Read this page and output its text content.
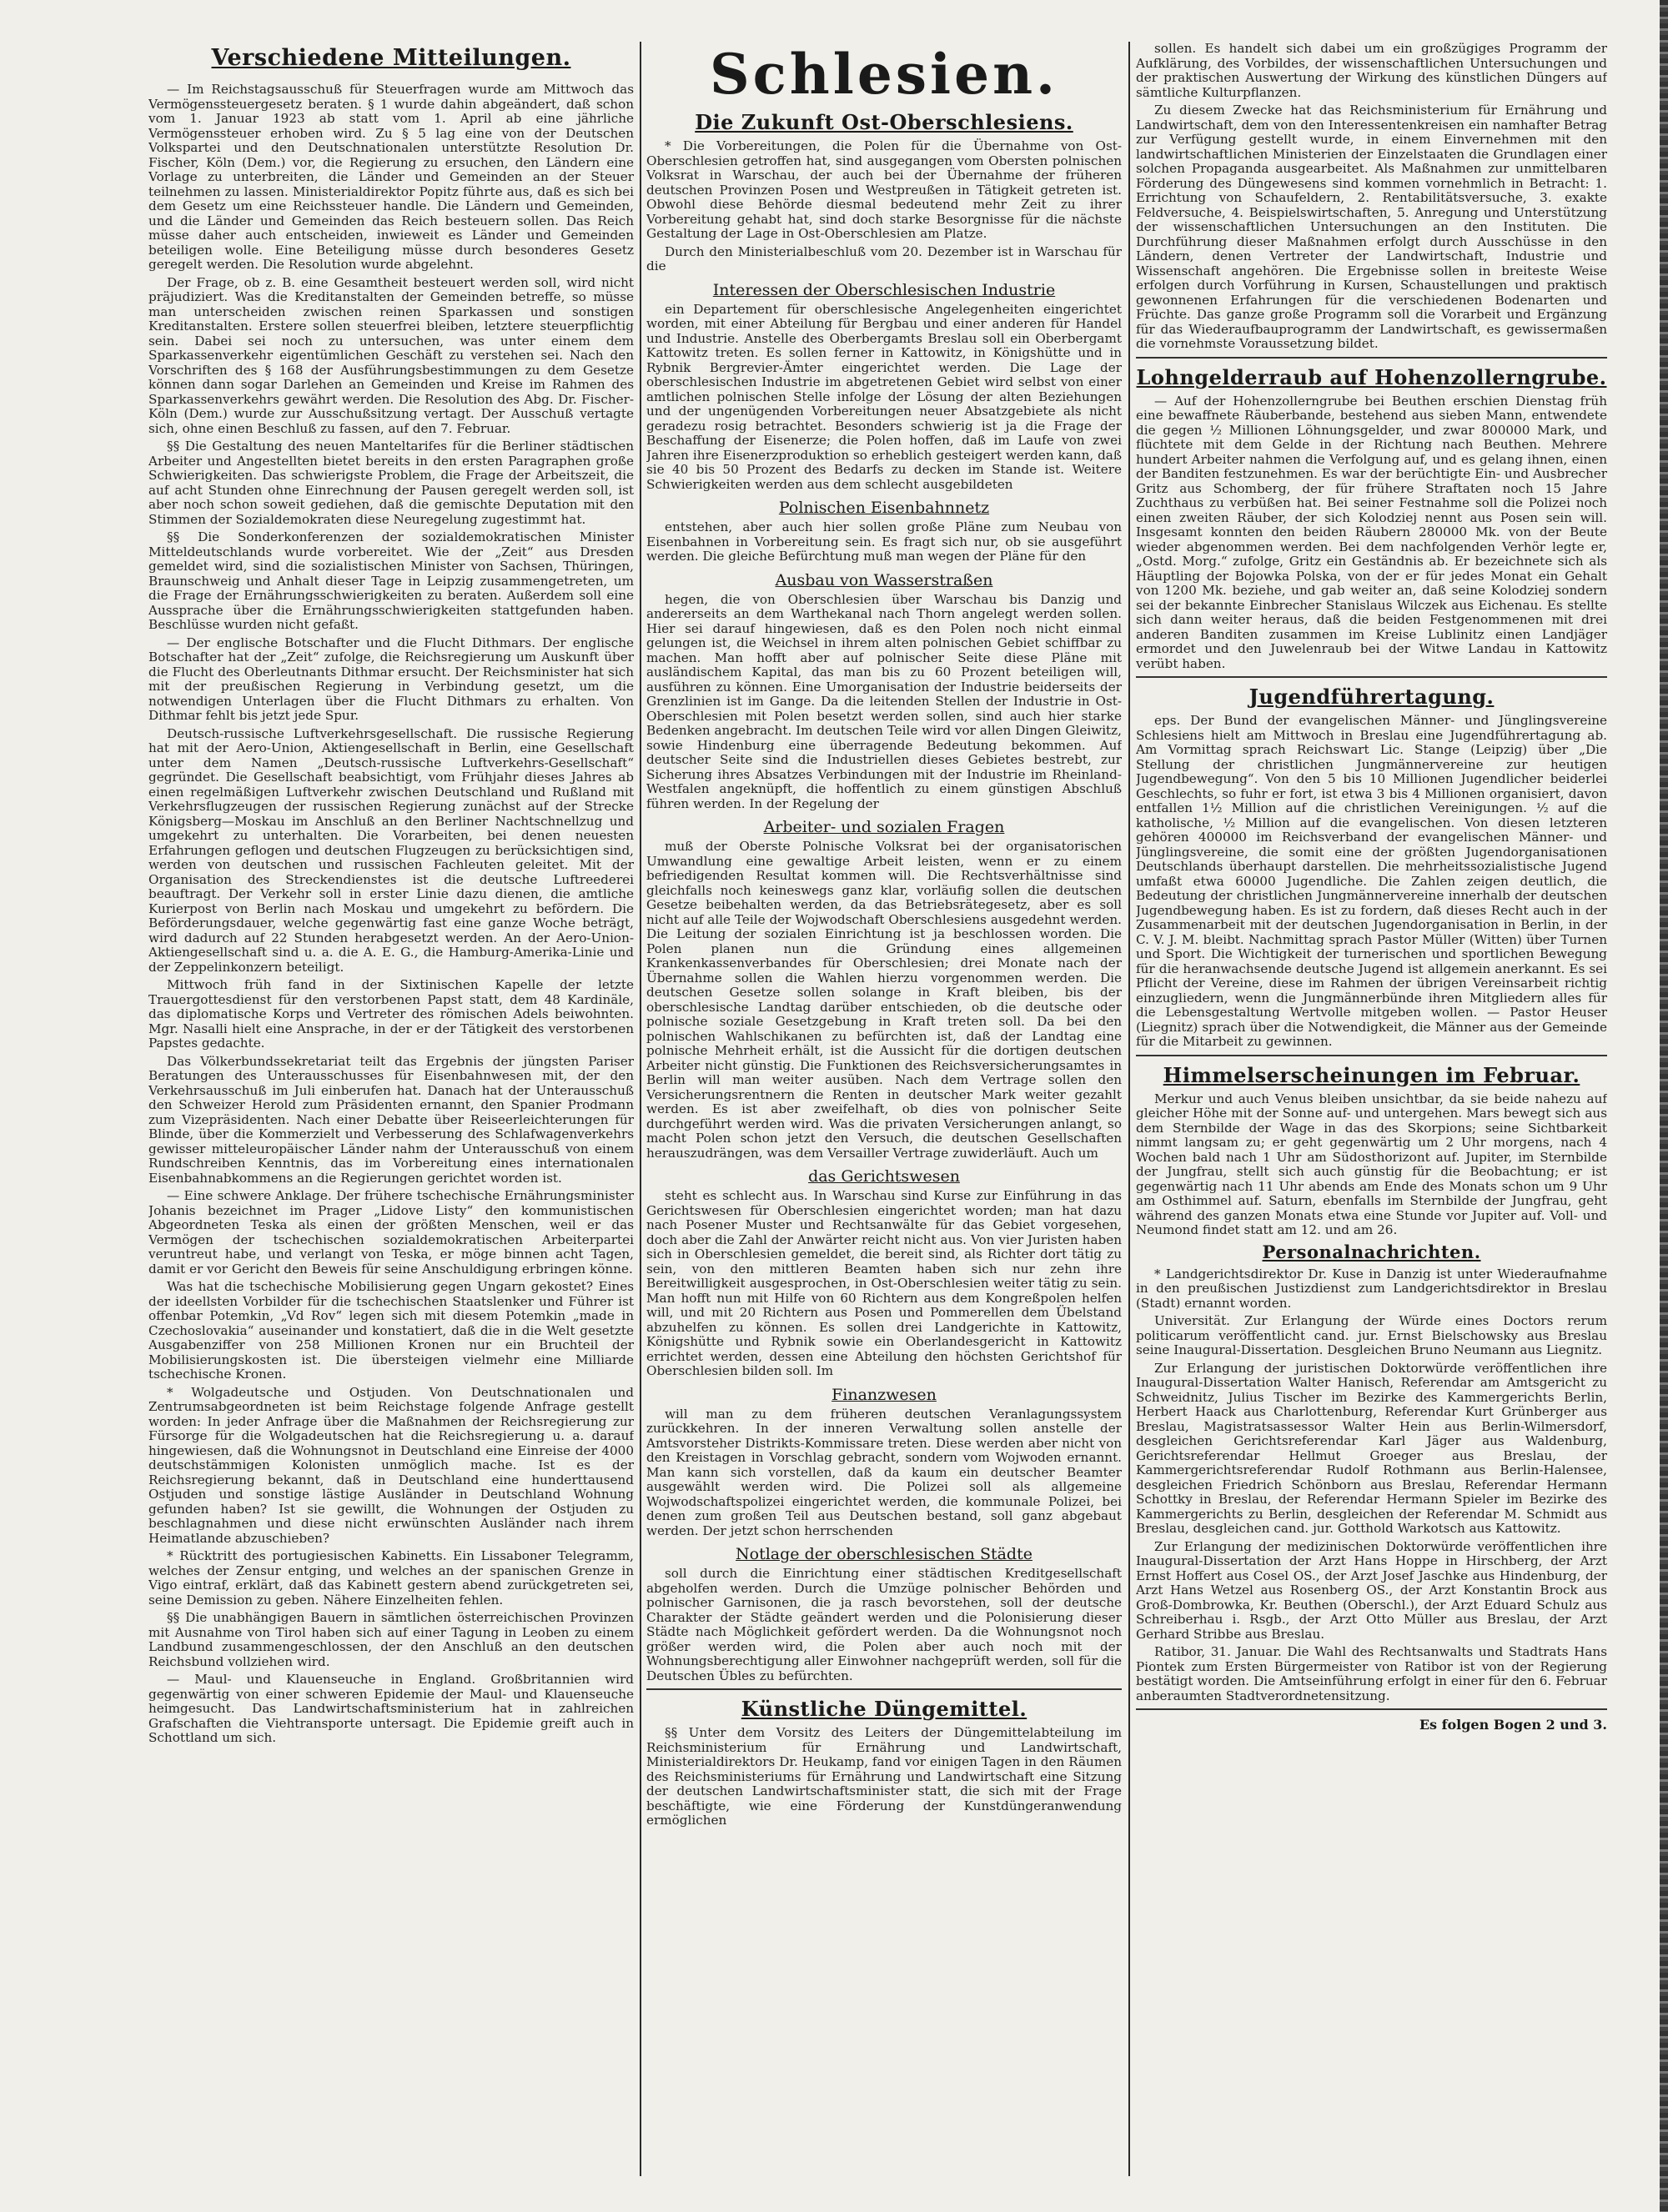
Verschiedene Mitteilungen.

— Im Reichstagsausschuß für Steuerfragen wurde am Mittwoch das Vermögenssteuergesetz beraten. § 1 wurde dahin abgeändert, daß schon vom 1. Januar 1923 ab statt vom 1. April ab eine jährliche Vermögenssteuer erhoben wird. Zu § 5 lag eine von der Deutschen Volkspartei und den Deutschnationalen unterstützte Resolution Dr. Fischer, Köln (Dem.) vor, die Regierung zu ersuchen, den Ländern eine Vorlage zu unterbreiten, die Länder und Gemeinden an der Steuer teilnehmen zu lassen. Ministerialdirektor Popitz führte aus, daß es sich bei dem Gesetz um eine Reichssteuer handle. Die Ländern und Gemeinden, und die Länder und Gemeinden das Reich besteuern sollen. Das Reich müsse daher auch entscheiden, inwieweit es Länder und Gemeinden beteiligen wolle. Eine Beteiligung müsse durch besonderes Gesetz geregelt werden. Die Resolution wurde abgelehnt.

Der Frage, ob z. B. eine Gesamtheit besteuert werden soll, wird nicht präjudiziert. Was die Kreditanstalten der Gemeinden betreffe, so müsse man unterscheiden zwischen reinen Sparkassen und sonstigen Kreditanstalten. Erstere sollen steuerfrei bleiben, letztere steuerpflichtig sein. Dabei sei noch zu untersuchen, was unter einem dem Sparkassenverkehr eigentümlichen Geschäft zu verstehen sei. Nach den Vorschriften des § 168 der Ausführungsbestimmungen zu dem Gesetze können dann sogar Darlehen an Gemeinden und Kreise im Rahmen des Sparkassenverkehrs gewährt werden. Die Resolution des Abg. Dr. Fischer-Köln (Dem.) wurde zur Ausschußsitzung vertagt. Der Ausschuß vertagte sich, ohne einen Beschluß zu fassen, auf den 7. Februar.

§§ Die Gestaltung des neuen Manteltarifes für die Berliner städtischen Arbeiter und Angestellten bietet bereits in den ersten Paragraphen große Schwierigkeiten. Das schwierigste Problem, die Frage der Arbeitszeit, die auf acht Stunden ohne Einrechnung der Pausen geregelt werden soll, ist aber noch schon soweit gediehen, daß die gemischte Deputation mit den Stimmen der Sozialdemokraten diese Neuregelung zugestimmt hat.

§§ Die Sonderkonferenzen der sozialdemokratischen Minister Mitteldeutschlands wurde vorbereitet. Wie der „Zeit“ aus Dresden gemeldet wird, sind die sozialistischen Minister von Sachsen, Thüringen, Braunschweig und Anhalt dieser Tage in Leipzig zusammengetreten, um die Frage der Ernährungsschwierigkeiten zu beraten. Außerdem soll eine Aussprache über die Ernährungsschwierigkeiten stattgefunden haben. Beschlüsse wurden nicht gefaßt.

— Der englische Botschafter und die Flucht Dithmars. Der englische Botschafter hat der „Zeit“ zufolge, die Reichsregierung um Auskunft über die Flucht des Oberleutnants Dithmar ersucht. Der Reichsminister hat sich mit der preußischen Regierung in Verbindung gesetzt, um die notwendigen Unterlagen über die Flucht Dithmars zu erhalten. Von Dithmar fehlt bis jetzt jede Spur.

Deutsch-russische Luftverkehrsgesellschaft. Die russische Regierung hat mit der Aero-Union, Aktiengesellschaft in Berlin, eine Gesellschaft unter dem Namen „Deutsch-russische Luftverkehrs-Gesellschaft“ gegründet. Die Gesellschaft beabsichtigt, vom Frühjahr dieses Jahres ab einen regelmäßigen Luftverkehr zwischen Deutschland und Rußland mit Verkehrsflugzeugen der russischen Regierung zunächst auf der Strecke Königsberg—Moskau im Anschluß an den Berliner Nachtschnellzug und umgekehrt zu unterhalten. Die Vorarbeiten, bei denen neuesten Erfahrungen geflogen und deutschen Flugzeugen zu berücksichtigen sind, werden von deutschen und russischen Fachleuten geleitet. Mit der Organisation des Streckendienstes ist die deutsche Luftreederei beauftragt. Der Verkehr soll in erster Linie dazu dienen, die amtliche Kurierpost von Berlin nach Moskau und umgekehrt zu befördern. Die Beförderungsdauer, welche gegenwärtig fast eine ganze Woche beträgt, wird dadurch auf 22 Stunden herabgesetzt werden. An der Aero-Union-Aktiengesellschaft sind u. a. die A. E. G., die Hamburg-Amerika-Linie und der Zeppelinkonzern beteiligt.

Mittwoch früh fand in der Sixtinischen Kapelle der letzte Trauergottesdienst für den verstorbenen Papst statt, dem 48 Kardinäle, das diplomatische Korps und Vertreter des römischen Adels beiwohnten. Mgr. Nasalli hielt eine Ansprache, in der er der Tätigkeit des verstorbenen Papstes gedachte.

Das Völkerbundssekretariat teilt das Ergebnis der jüngsten Pariser Beratungen des Unterausschusses für Eisenbahnwesen mit, der den Verkehrsausschuß im Juli einberufen hat. Danach hat der Unterausschuß den Schweizer Herold zum Präsidenten ernannt, den Spanier Prodmann zum Vizepräsidenten. Nach einer Debatte über Reiseerleichterungen für Blinde, über die Kommerzielt und Verbesserung des Schlafwagenverkehrs gewisser mitteleuropäischer Länder nahm der Unterausschuß von einem Rundschreiben Kenntnis, das im Vorbereitung eines internationalen Eisenbahnabkommens an die Regierungen gerichtet worden ist.

— Eine schwere Anklage. Der frühere tschechische Ernährungsminister Johanis bezeichnet im Prager „Lidove Listy“ den kommunistischen Abgeordneten Teska als einen der größten Menschen, weil er das Vermögen der tschechischen sozialdemokratischen Arbeiterpartei veruntreut habe, und verlangt von Teska, er möge binnen acht Tagen, damit er vor Gericht den Beweis für seine Anschuldigung erbringen könne.

Was hat die tschechische Mobilisierung gegen Ungarn gekostet? Eines der ideellsten Vorbilder für die tschechischen Staatslenker und Führer ist offenbar Potemkin, „Vd Rov“ legen sich mit diesem Potemkin „made in Czechoslovakia“ auseinander und konstatiert, daß die in die Welt gesetzte Ausgabenziffer von 258 Millionen Kronen nur ein Bruchteil der Mobilisierungskosten ist. Die übersteigen vielmehr eine Milliarde tschechische Kronen.

* Wolgadeutsche und Ostjuden. Von Deutschnationalen und Zentrumsabgeordneten ist beim Reichstage folgende Anfrage gestellt worden: In jeder Anfrage über die Maßnahmen der Reichsregierung zur Fürsorge für die Wolgadeutschen hat die Reichsregierung u. a. darauf hingewiesen, daß die Wohnungsnot in Deutschland eine Einreise der 4000 deutschstämmigen Kolonisten unmöglich mache. Ist es der Reichsregierung bekannt, daß in Deutschland eine hunderttausend Ostjuden und sonstige lästige Ausländer in Deutschland Wohnung gefunden haben? Ist sie gewillt, die Wohnungen der Ostjuden zu beschlagnahmen und diese nicht erwünschten Ausländer nach ihrem Heimatlande abzuschieben?

* Rücktritt des portugiesischen Kabinetts. Ein Lissaboner Telegramm, welches der Zensur entging, und welches an der spanischen Grenze in Vigo eintraf, erklärt, daß das Kabinett gestern abend zurückgetreten sei, seine Demission zu geben. Nähere Einzelheiten fehlen.

§§ Die unabhängigen Bauern in sämtlichen österreichischen Provinzen mit Ausnahme von Tirol haben sich auf einer Tagung in Leoben zu einem Landbund zusammengeschlossen, der den Anschluß an den deutschen Reichsbund vollziehen wird.

— Maul- und Klauenseuche in England. Großbritannien wird gegenwärtig von einer schweren Epidemie der Maul- und Klauenseuche heimgesucht. Das Landwirtschaftsministerium hat in zahlreichen Grafschaften die Viehtransporte untersagt. Die Epidemie greift auch in Schottland um sich.

Schlesien.
Die Zukunft Ost-Oberschlesiens.

* Die Vorbereitungen, die Polen für die Übernahme von Ost-Oberschlesien getroffen hat, sind ausgegangen vom Obersten polnischen Volksrat in Warschau, der auch bei der Übernahme der früheren deutschen Provinzen Posen und Westpreußen in Tätigkeit getreten ist. Obwohl diese Behörde diesmal bedeutend mehr Zeit zu ihrer Vorbereitung gehabt hat, sind doch starke Besorgnisse für die nächste Gestaltung der Lage in Ost-Oberschlesien am Platze.

Durch den Ministerialbeschluß vom 20. Dezember ist in Warschau für die

Interessen der Oberschlesischen Industrie

ein Departement für oberschlesische Angelegenheiten eingerichtet worden, mit einer Abteilung für Bergbau und einer anderen für Handel und Industrie. Anstelle des Oberbergamts Breslau soll ein Oberbergamt Kattowitz treten. Es sollen ferner in Kattowitz, in Königshütte und in Rybnik Bergrevier-Ämter eingerichtet werden. Die Lage der oberschlesischen Industrie im abgetretenen Gebiet wird selbst von einer amtlichen polnischen Stelle infolge der Lösung der alten Beziehungen und der ungenügenden Vorbereitungen neuer Absatzgebiete als nicht geradezu rosig betrachtet. Besonders schwierig ist ja die Frage der Beschaffung der Eisenerze; die Polen hoffen, daß im Laufe von zwei Jahren ihre Eisenerzproduktion so erheblich gesteigert werden kann, daß sie 40 bis 50 Prozent des Bedarfs zu decken im Stande ist. Weitere Schwierigkeiten werden aus dem schlecht ausgebildeten

Polnischen Eisenbahnnetz

entstehen, aber auch hier sollen große Pläne zum Neubau von Eisenbahnen in Vorbereitung sein. Es fragt sich nur, ob sie ausgeführt werden. Die gleiche Befürchtung muß man wegen der Pläne für den

Ausbau von Wasserstraßen

hegen, die von Oberschlesien über Warschau bis Danzig und andererseits an dem Warthekanal nach Thorn angelegt werden sollen. Hier sei darauf hingewiesen, daß es den Polen noch nicht einmal gelungen ist, die Weichsel in ihrem alten polnischen Gebiet schiffbar zu machen. Man hofft aber auf polnischer Seite diese Pläne mit ausländischem Kapital, das man bis zu 60 Prozent beteiligen will, ausführen zu können. Eine Umorganisation der Industrie beiderseits der Grenzlinien ist im Gange. Da die leitenden Stellen der Industrie in Ost-Oberschlesien mit Polen besetzt werden sollen, sind auch hier starke Bedenken angebracht. Im deutschen Teile wird vor allen Dingen Gleiwitz, sowie Hindenburg eine überragende Bedeutung bekommen. Auf deutscher Seite sind die Industriellen dieses Gebietes bestrebt, zur Sicherung ihres Absatzes Verbindungen mit der Industrie im Rheinland-Westfalen angeknüpft, die hoffentlich zu einem günstigen Abschluß führen werden. In der Regelung der

Arbeiter- und sozialen Fragen

muß der Oberste Polnische Volksrat bei der organisatorischen Umwandlung eine gewaltige Arbeit leisten, wenn er zu einem befriedigenden Resultat kommen will. Die Rechtsverhältnisse sind gleichfalls noch keineswegs ganz klar, vorläufig sollen die deutschen Gesetze beibehalten werden, da das Betriebsrätegesetz, aber es soll nicht auf alle Teile der Wojwodschaft Oberschlesiens ausgedehnt werden. Die Leitung der sozialen Einrichtung ist ja beschlossen worden. Die Polen planen nun die Gründung eines allgemeinen Krankenkassenverbandes für Oberschlesien; drei Monate nach der Übernahme sollen die Wahlen hierzu vorgenommen werden. Die deutschen Gesetze sollen solange in Kraft bleiben, bis der oberschlesische Landtag darüber entschieden, ob die deutsche oder polnische soziale Gesetzgebung in Kraft treten soll. Da bei den polnischen Wahlschikanen zu befürchten ist, daß der Landtag eine polnische Mehrheit erhält, ist die Aussicht für die dortigen deutschen Arbeiter nicht günstig. Die Funktionen des Reichsversicherungsamtes in Berlin will man weiter ausüben. Nach dem Vertrage sollen den Versicherungsrentnern die Renten in deutscher Mark weiter gezahlt werden. Es ist aber zweifelhaft, ob dies von polnischer Seite durchgeführt werden wird. Was die privaten Versicherungen anlangt, so macht Polen schon jetzt den Versuch, die deutschen Gesellschaften herauszudrängen, was dem Versailler Vertrage zuwiderläuft. Auch um

das Gerichtswesen

steht es schlecht aus. In Warschau sind Kurse zur Einführung in das Gerichtswesen für Oberschlesien eingerichtet worden; man hat dazu nach Posener Muster und Rechtsanwälte für das Gebiet vorgesehen, doch aber die Zahl der Anwärter reicht nicht aus. Von vier Juristen haben sich in Oberschlesien gemeldet, die bereit sind, als Richter dort tätig zu sein, von den mittleren Beamten haben sich nur zehn ihre Bereitwilligkeit ausgesprochen, in Ost-Oberschlesien weiter tätig zu sein. Man hofft nun mit Hilfe von 60 Richtern aus dem Kongreßpolen helfen will, und mit 20 Richtern aus Posen und Pommerellen dem Übelstand abzuhelfen zu können. Es sollen drei Landgerichte in Kattowitz, Königshütte und Rybnik sowie ein Oberlandesgericht in Kattowitz errichtet werden, dessen eine Abteilung den höchsten Gerichtshof für Oberschlesien bilden soll. Im

Finanzwesen

will man zu dem früheren deutschen Veranlagungssystem zurückkehren. In der inneren Verwaltung sollen anstelle der Amtsvorsteher Distrikts-Kommissare treten. Diese werden aber nicht von den Kreistagen in Vorschlag gebracht, sondern vom Wojwoden ernannt. Man kann sich vorstellen, daß da kaum ein deutscher Beamter ausgewählt werden wird. Die Polizei soll als allgemeine Wojwodschaftspolizei eingerichtet werden, die kommunale Polizei, bei denen zum großen Teil aus Deutschen bestand, soll ganz abgebaut werden. Der jetzt schon herrschenden

Notlage der oberschlesischen Städte

soll durch die Einrichtung einer städtischen Kreditgesellschaft abgeholfen werden. Durch die Umzüge polnischer Behörden und polnischer Garnisonen, die ja rasch bevorstehen, soll der deutsche Charakter der Städte geändert werden und die Polonisierung dieser Städte nach Möglichkeit gefördert werden. Da die Wohnungsnot noch größer werden wird, die Polen aber auch noch mit der Wohnungsberechtigung aller Einwohner nachgeprüft werden, soll für die Deutschen Übles zu befürchten.

Künstliche Düngemittel.

§§ Unter dem Vorsitz des Leiters der Düngemittelabteilung im Reichsministerium für Ernährung und Landwirtschaft, Ministerialdirektors Dr. Heukamp, fand vor einigen Tagen in den Räumen des Reichsministeriums für Ernährung und Landwirtschaft eine Sitzung der deutschen Landwirtschaftsminister statt, die sich mit der Frage beschäftigte, wie eine Förderung der Kunstdüngeranwendung ermöglichen

sollen. Es handelt sich dabei um ein großzügiges Programm der Aufklärung, des Vorbildes, der wissenschaftlichen Untersuchungen und der praktischen Auswertung der Wirkung des künstlichen Düngers auf sämtliche Kulturpflanzen.

Zu diesem Zwecke hat das Reichsministerium für Ernährung und Landwirtschaft, dem von den Interessentenkreisen ein namhafter Betrag zur Verfügung gestellt wurde, in einem Einvernehmen mit den landwirtschaftlichen Ministerien der Einzelstaaten die Grundlagen einer solchen Propaganda ausgearbeitet. Als Maßnahmen zur unmittelbaren Förderung des Düngewesens sind kommen vornehmlich in Betracht: 1. Errichtung von Schaufeldern, 2. Rentabilitätsversuche, 3. exakte Feldversuche, 4. Beispielswirtschaften, 5. Anregung und Unterstützung der wissenschaftlichen Untersuchungen an den Instituten. Die Durchführung dieser Maßnahmen erfolgt durch Ausschüsse in den Ländern, denen Vertreter der Landwirtschaft, Industrie und Wissenschaft angehören. Die Ergebnisse sollen in breiteste Weise erfolgen durch Vorführung in Kursen, Schaustellungen und praktisch gewonnenen Erfahrungen für die verschiedenen Bodenarten und Früchte. Das ganze große Programm soll die Vorarbeit und Ergänzung für das Wiederaufbauprogramm der Landwirtschaft, es gewissermaßen die vornehmste Voraussetzung bildet.

Lohngelderraub auf Hohenzollerngrube.

— Auf der Hohenzollerngrube bei Beuthen erschien Dienstag früh eine bewaffnete Räuberbande, bestehend aus sieben Mann, entwendete die gegen ½ Millionen Löhnungsgelder, und zwar 800000 Mark, und flüchtete mit dem Gelde in der Richtung nach Beuthen. Mehrere hundert Arbeiter nahmen die Verfolgung auf, und es gelang ihnen, einen der Banditen festzunehmen. Es war der berüchtigte Ein- und Ausbrecher Gritz aus Schomberg, der für frühere Straftaten noch 15 Jahre Zuchthaus zu verbüßen hat. Bei seiner Festnahme soll die Polizei noch einen zweiten Räuber, der sich Kolodziej nennt aus Posen sein will. Insgesamt konnten den beiden Räubern 280000 Mk. von der Beute wieder abgenommen werden. Bei dem nachfolgenden Verhör legte er, „Ostd. Morg.“ zufolge, Gritz ein Geständnis ab. Er bezeichnete sich als Häuptling der Bojowka Polska, von der er für jedes Monat ein Gehalt von 1200 Mk. beziehe, und gab weiter an, daß seine Kolodziej sondern sei der bekannte Einbrecher Stanislaus Wilczek aus Eichenau. Es stellte sich dann weiter heraus, daß die beiden Festgenommenen mit drei anderen Banditen zusammen im Kreise Lublinitz einen Landjäger ermordet und den Juwelenraub bei der Witwe Landau in Kattowitz verübt haben.

Jugendführertagung.

eps. Der Bund der evangelischen Männer- und Jünglingsvereine Schlesiens hielt am Mittwoch in Breslau eine Jugendführertagung ab. Am Vormittag sprach Reichswart Lic. Stange (Leipzig) über „Die Stellung der christlichen Jungmännervereine zur heutigen Jugendbewegung“. Von den 5 bis 10 Millionen Jugendlicher beiderlei Geschlechts, so fuhr er fort, ist etwa 3 bis 4 Millionen organisiert, davon entfallen 1½ Million auf die christlichen Vereinigungen. ½ auf die katholische, ½ Million auf die evangelischen. Von diesen letzteren gehören 400000 im Reichsverband der evangelischen Männer- und Jünglingsvereine, die somit eine der größten Jugendorganisationen Deutschlands überhaupt darstellen. Die mehrheitssozialistische Jugend umfaßt etwa 60000 Jugendliche. Die Zahlen zeigen deutlich, die Bedeutung der christlichen Jungmännervereine innerhalb der deutschen Jugendbewegung haben. Es ist zu fordern, daß dieses Recht auch in der Zusammenarbeit mit der deutschen Jugendorganisation in Berlin, in der C. V. J. M. bleibt. Nachmittag sprach Pastor Müller (Witten) über Turnen und Sport. Die Wichtigkeit der turnerischen und sportlichen Bewegung für die heranwachsende deutsche Jugend ist allgemein anerkannt. Es sei Pflicht der Vereine, diese im Rahmen der übrigen Vereinsarbeit richtig einzugliedern, wenn die Jungmännerbünde ihren Mitgliedern alles für die Lebensgestaltung Wertvolle mitgeben wollen. — Pastor Heuser (Liegnitz) sprach über die Notwendigkeit, die Männer aus der Gemeinde für die Mitarbeit zu gewinnen.

Himmelserscheinungen im Februar.

Merkur und auch Venus bleiben unsichtbar, da sie beide nahezu auf gleicher Höhe mit der Sonne auf- und untergehen. Mars bewegt sich aus dem Sternbilde der Wage in das des Skorpions; seine Sichtbarkeit nimmt langsam zu; er geht gegenwärtig um 2 Uhr morgens, nach 4 Wochen bald nach 1 Uhr am Südosthorizont auf. Jupiter, im Sternbilde der Jungfrau, stellt sich auch günstig für die Beobachtung; er ist gegenwärtig nach 11 Uhr abends am Ende des Monats schon um 9 Uhr am Osthimmel auf. Saturn, ebenfalls im Sternbilde der Jungfrau, geht während des ganzen Monats etwa eine Stunde vor Jupiter auf. Voll- und Neumond findet statt am 12. und am 26.

Personalnachrichten.

* Landgerichtsdirektor Dr. Kuse in Danzig ist unter Wiederaufnahme in den preußischen Justizdienst zum Landgerichtsdirektor in Breslau (Stadt) ernannt worden.

Universität. Zur Erlangung der Würde eines Doctors rerum politicarum veröffentlicht cand. jur. Ernst Bielschowsky aus Breslau seine Inaugural-Dissertation. Desgleichen Bruno Neumann aus Liegnitz.

Zur Erlangung der juristischen Doktorwürde veröffentlichen ihre Inaugural-Dissertation Walter Hanisch, Referendar am Amtsgericht zu Schweidnitz, Julius Tischer im Bezirke des Kammergerichts Berlin, Herbert Haack aus Charlottenburg, Referendar Kurt Grünberger aus Breslau, Magistratsassessor Walter Hein aus Berlin-Wilmersdorf, desgleichen Gerichtsreferendar Karl Jäger aus Waldenburg, Gerichtsreferendar Hellmut Groeger aus Breslau, der Kammergerichtsreferendar Rudolf Rothmann aus Berlin-Halensee, desgleichen Friedrich Schönborn aus Breslau, Referendar Hermann Schottky in Breslau, der Referendar Hermann Spieler im Bezirke des Kammergerichts zu Berlin, desgleichen der Referendar M. Schmidt aus Breslau, desgleichen cand. jur. Gotthold Warkotsch aus Kattowitz.

Zur Erlangung der medizinischen Doktorwürde veröffentlichen ihre Inaugural-Dissertation der Arzt Hans Hoppe in Hirschberg, der Arzt Ernst Hoffert aus Cosel OS., der Arzt Josef Jaschke aus Hindenburg, der Arzt Hans Wetzel aus Rosenberg OS., der Arzt Konstantin Brock aus Groß-Dombrowka, Kr. Beuthen (Oberschl.), der Arzt Eduard Schulz aus Schreiberhau i. Rsgb., der Arzt Otto Müller aus Breslau, der Arzt Gerhard Stribbe aus Breslau.

Ratibor, 31. Januar. Die Wahl des Rechtsanwalts und Stadtrats Hans Piontek zum Ersten Bürgermeister von Ratibor ist von der Regierung bestätigt worden. Die Amtseinführung erfolgt in einer für den 6. Februar anberaumten Stadtverordnetensitzung.

Es folgen Bogen 2 und 3.
